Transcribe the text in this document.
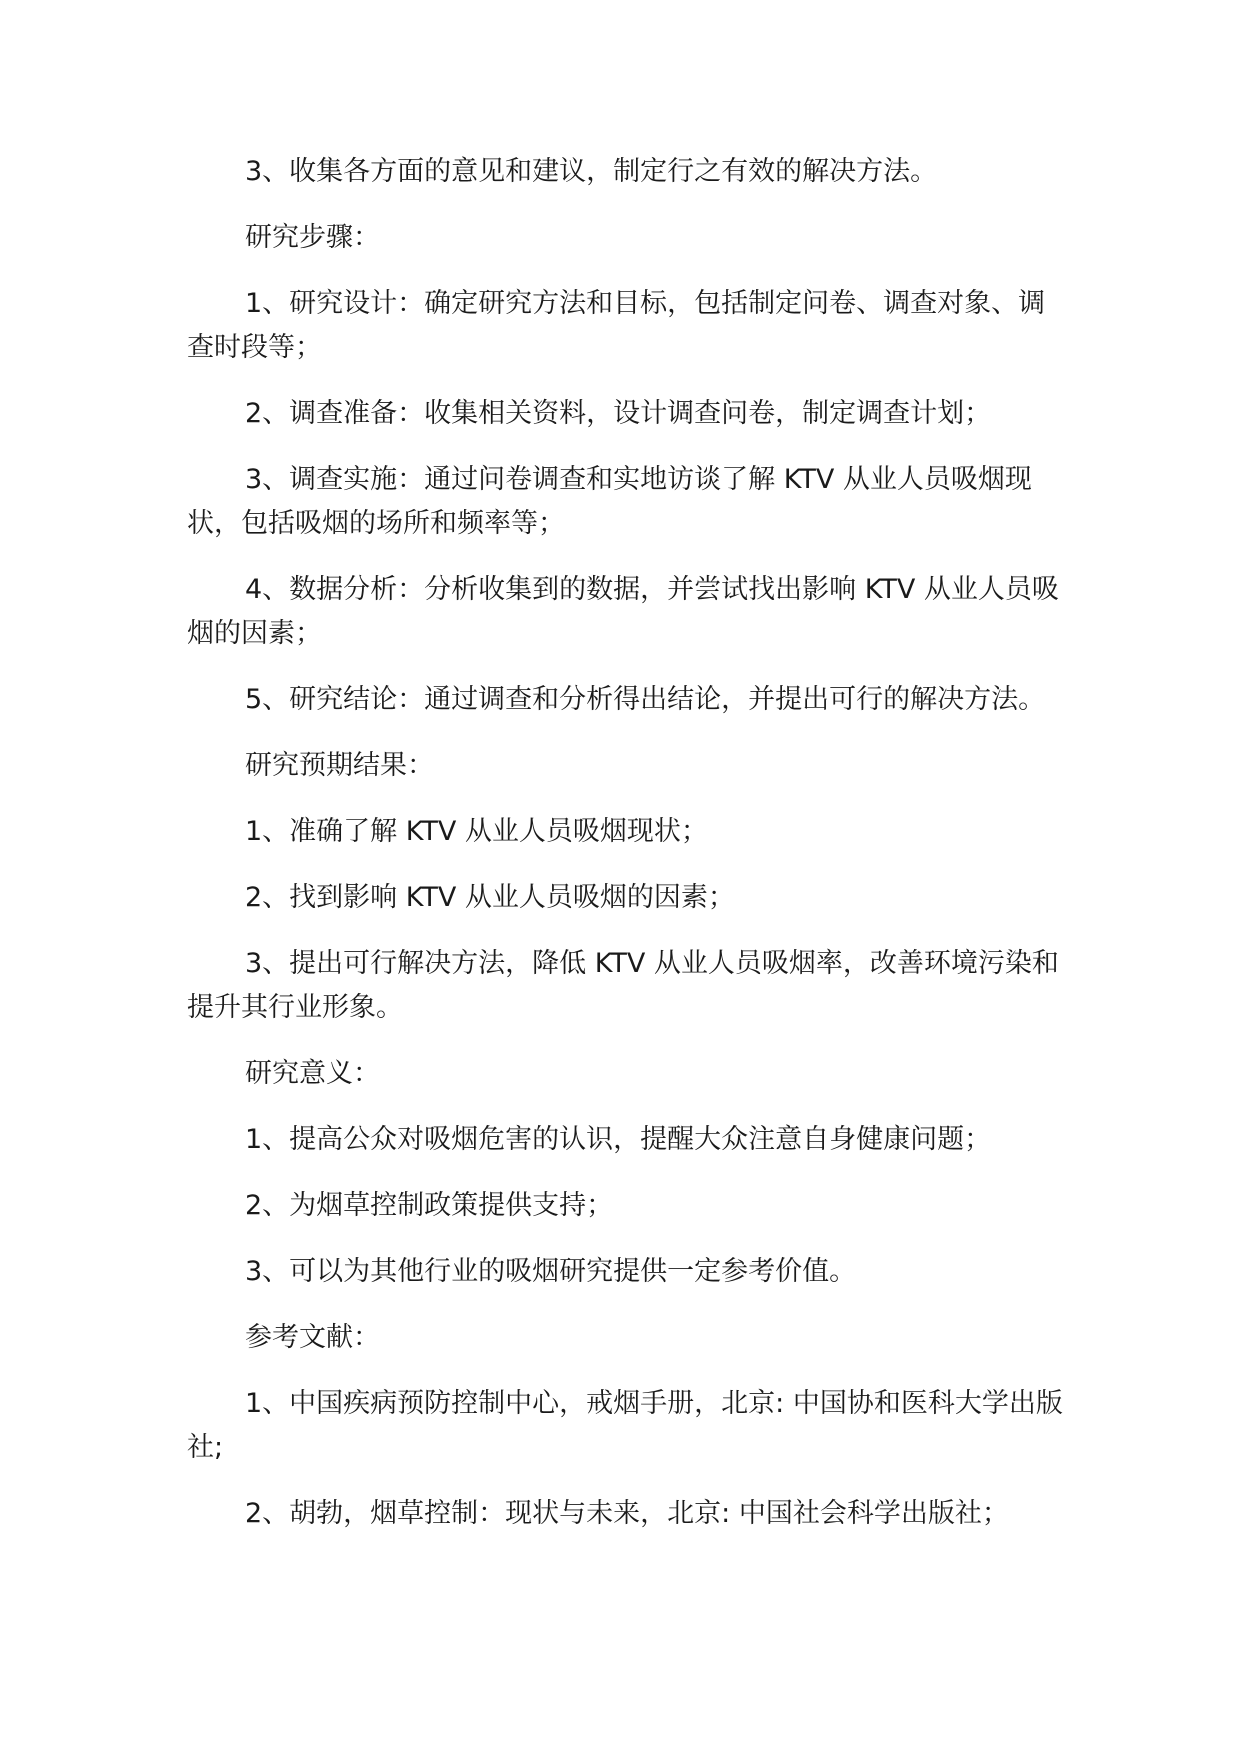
3、收集各方面的意见和建议，制定行之有效的解决方法。

研究步骤：

1、研究设计：确定研究方法和目标，包括制定问卷、调查对象、调查时段等；

2、调查准备：收集相关资料，设计调查问卷，制定调查计划；

3、调查实施：通过问卷调查和实地访谈了解 KTV 从业人员吸烟现状，包括吸烟的场所和频率等；

4、数据分析：分析收集到的数据，并尝试找出影响 KTV 从业人员吸烟的因素；

5、研究结论：通过调查和分析得出结论，并提出可行的解决方法。

研究预期结果：

1、准确了解 KTV 从业人员吸烟现状；

2、找到影响 KTV 从业人员吸烟的因素；

3、提出可行解决方法，降低 KTV 从业人员吸烟率，改善环境污染和提升其行业形象。

研究意义：

1、提高公众对吸烟危害的认识，提醒大众注意自身健康问题；

2、为烟草控制政策提供支持；

3、可以为其他行业的吸烟研究提供一定参考价值。

参考文献：

1、中国疾病预防控制中心，戒烟手册，北京: 中国协和医科大学出版社;

2、胡勃，烟草控制：现状与未来，北京: 中国社会科学出版社；
